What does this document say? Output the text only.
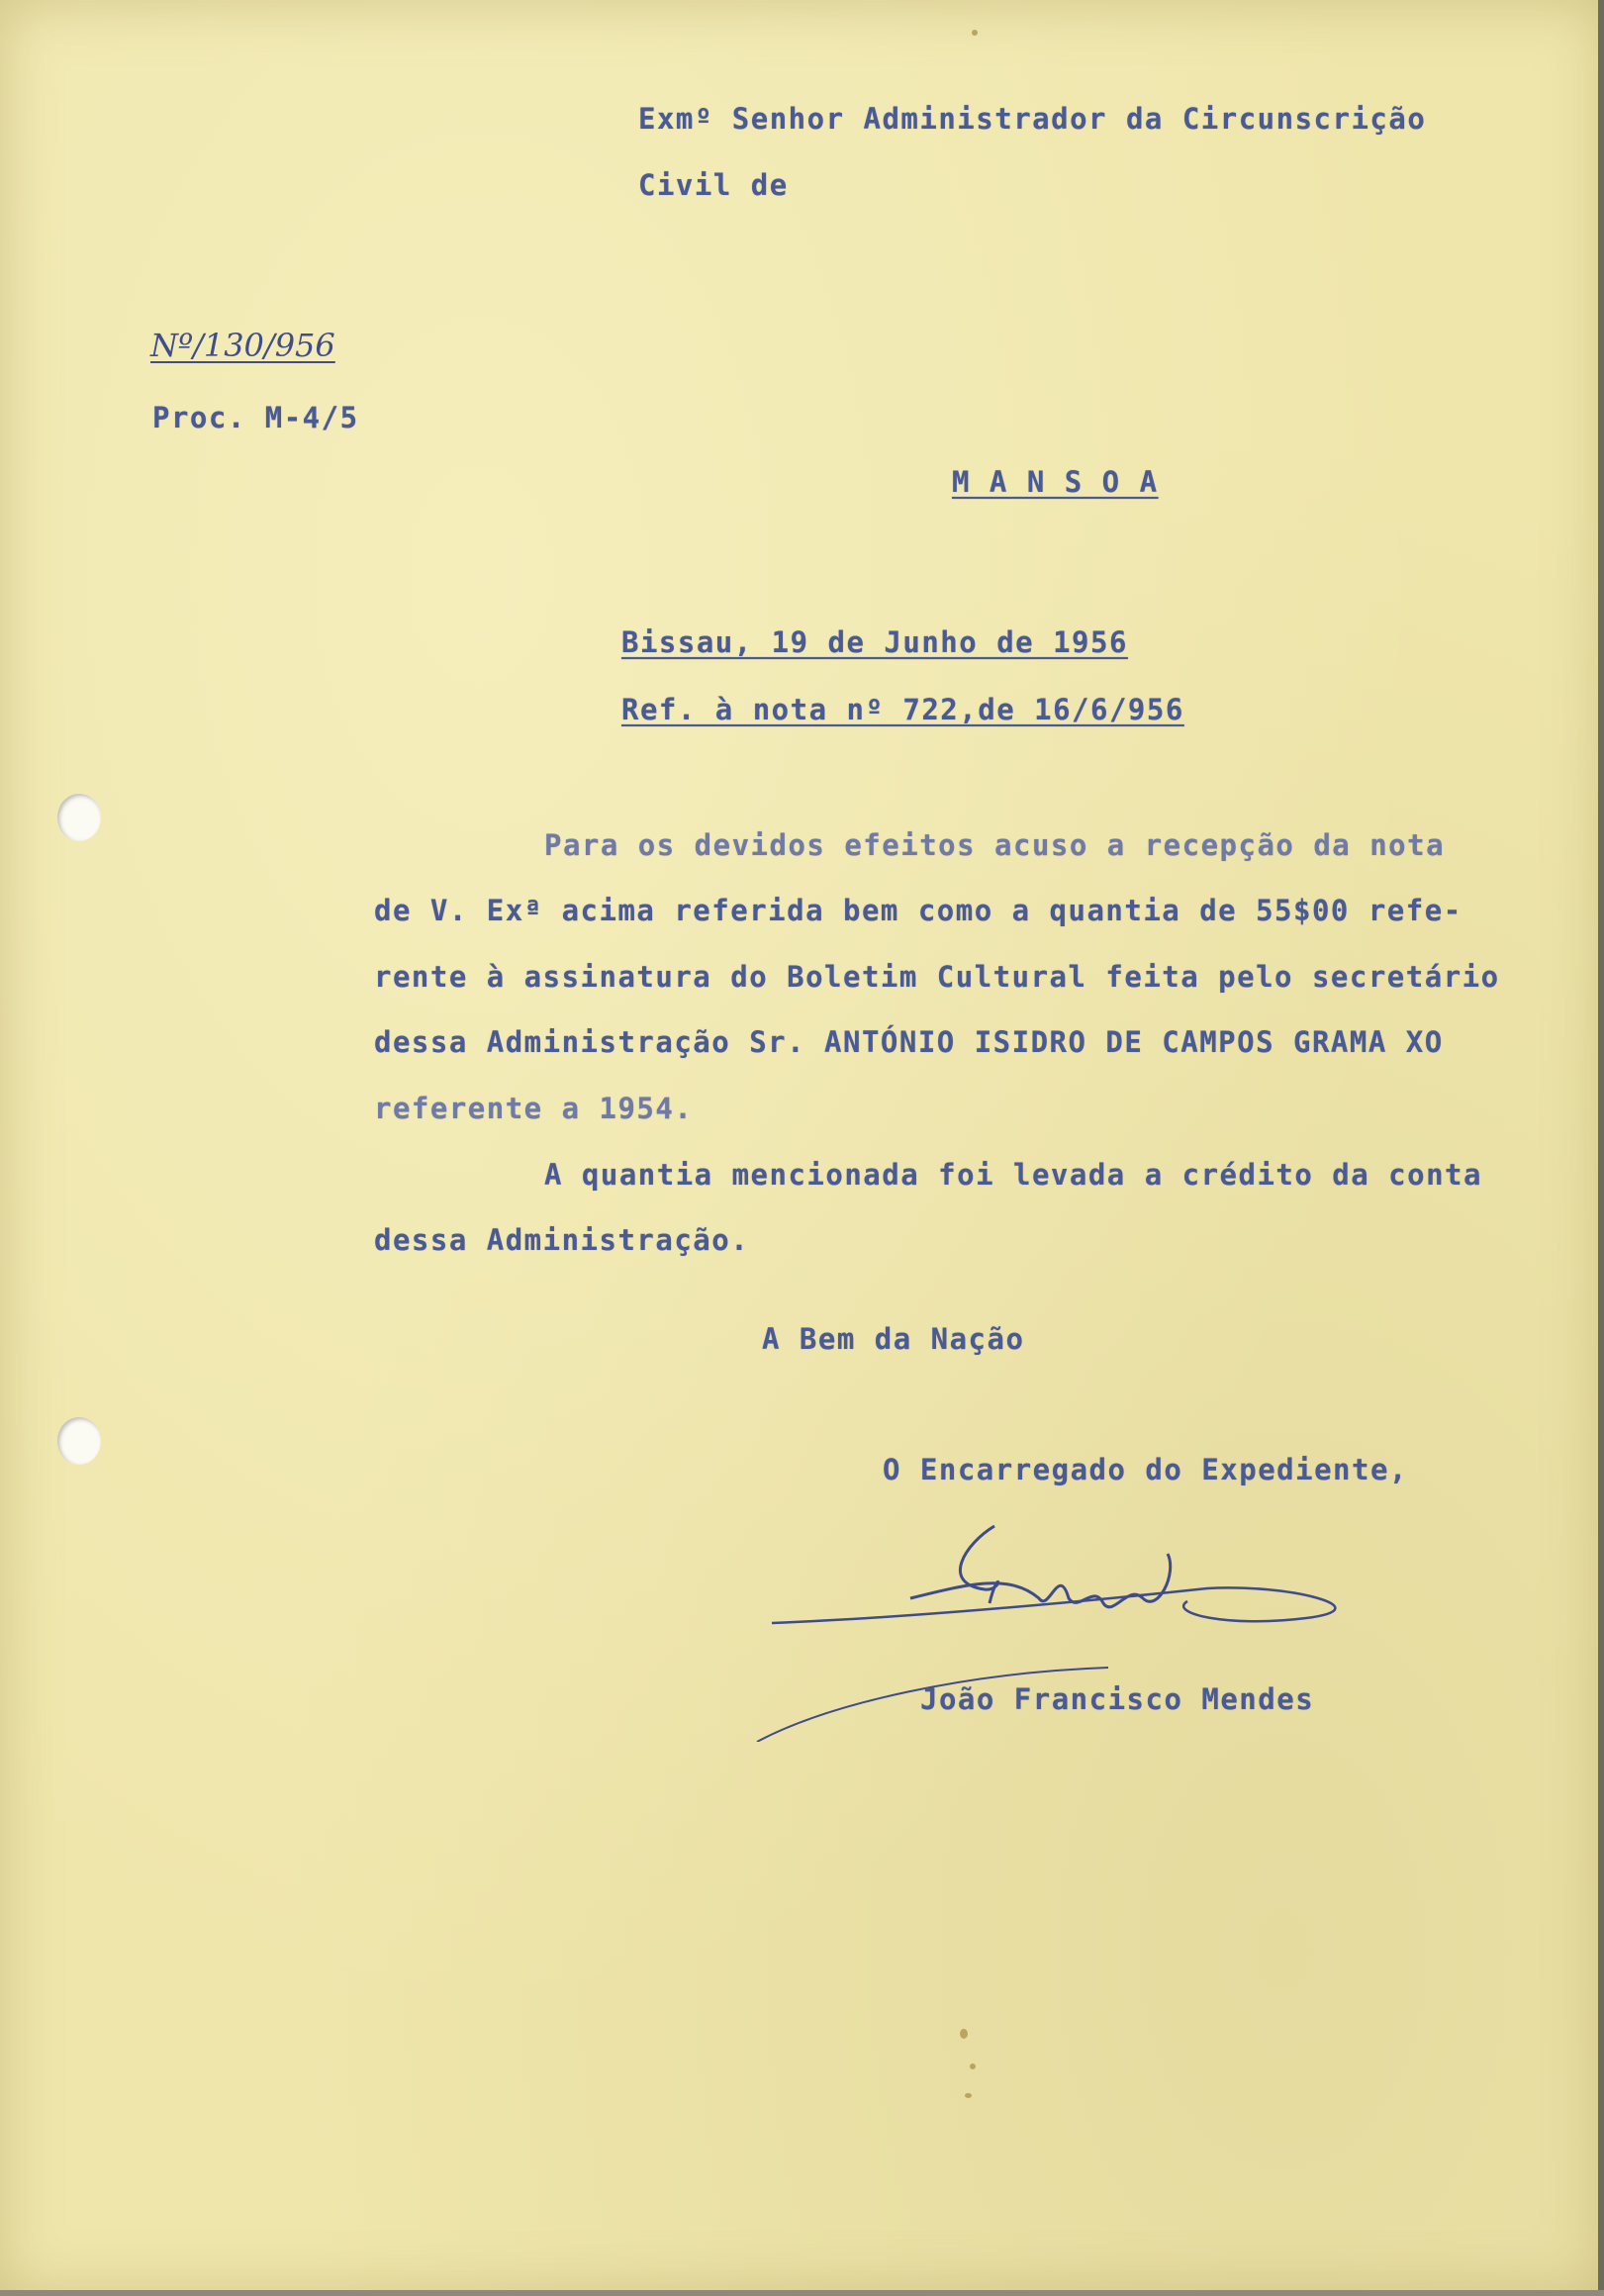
Exmº Senhor Administrador da Circunscrição
Civil de
Nº/130/956
Proc. M-4/5
M A N S O A
Bissau, 19 de Junho de 1956
Ref. à nota nº 722,de 16/6/956
Para os devidos efeitos acuso a recepção da nota
de V. Exª acima referida bem como a quantia de 55$00 refe-
rente à assinatura do Boletim Cultural feita pelo secretário
dessa Administração Sr. ANTÓNIO ISIDRO DE CAMPOS GRAMA XO
referente a 1954.
A quantia mencionada foi levada a crédito da conta
dessa Administração.
A Bem da Nação
O Encarregado do Expediente,
João Francisco Mendes
